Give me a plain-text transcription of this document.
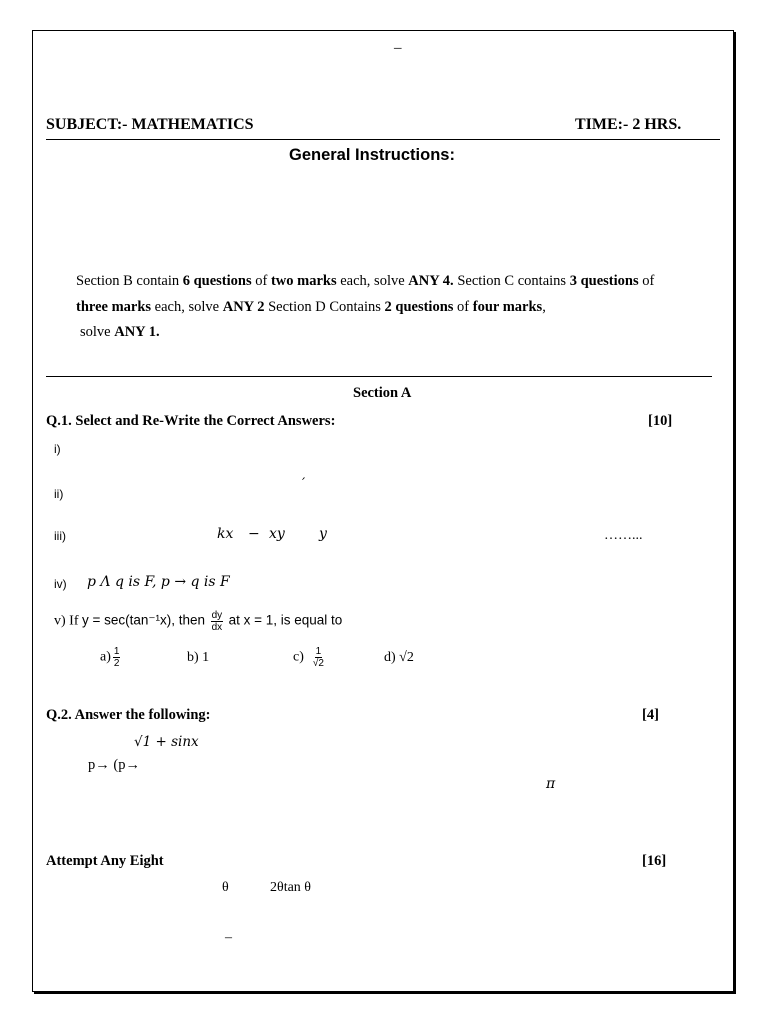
–
SUBJECT:- MATHEMATICS	TIME:- 2 HRS.
General Instructions:
Section B contain 6 questions of two marks each, solve ANY 4. Section C contains 3 questions of
three marks each, solve ANY 2 Section D Contains 2 questions of four marks,
solve ANY 1.
Section A
Q.1. Select and Re-Write the Correct Answers:	[10]
i)
ii)
′
iii)	kx − xy y	……...
iv) p Λ q is F, p → q is F
v) If y = sec(tan⁻¹x), then $\frac{dy}{dx}$ at x = 1, is equal to
$a) \frac{1}{2}$	b) 1	$c) \frac{1}{√2}$	d) √2
Q.2. Answer the following:	[4]
√1 + sinx
p→ (p→
π
Attempt Any Eight	[16]
θ	2θtan θ
–
